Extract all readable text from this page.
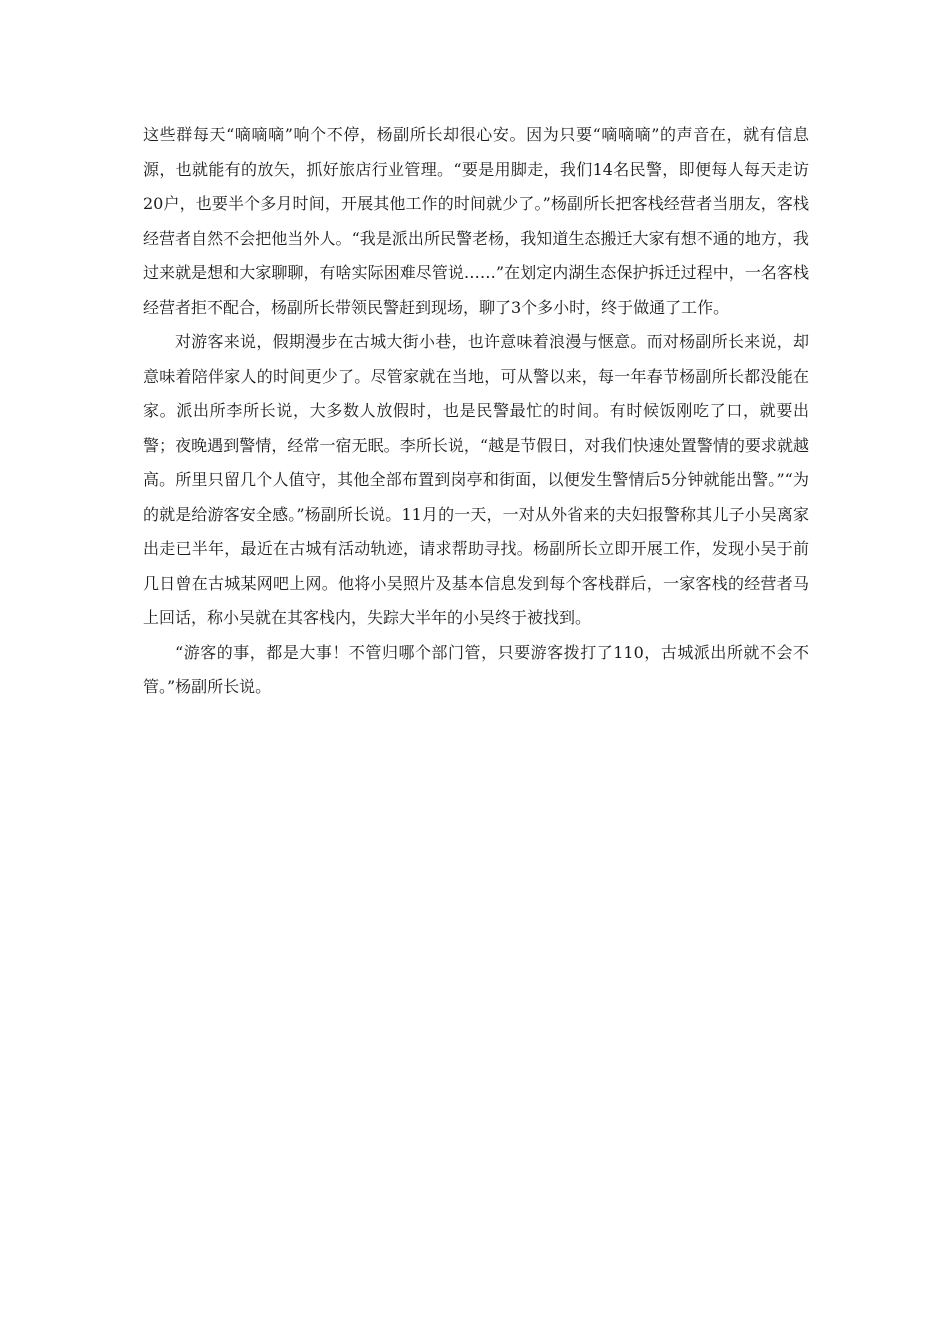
这些群每天“嘀嘀嘀”响个不停，杨副所长却很心安。因为只要“嘀嘀嘀”的声音在，就有信息源，也就能有的放矢，抓好旅店行业管理。“要是用脚走，我们14名民警，即便每人每天走访20户，也要半个多月时间，开展其他工作的时间就少了。”杨副所长把客栈经营者当朋友，客栈经营者自然不会把他当外人。“我是派出所民警老杨，我知道生态搬迁大家有想不通的地方，我过来就是想和大家聊聊，有啥实际困难尽管说……”在划定内湖生态保护拆迁过程中，一名客栈经营者拒不配合，杨副所长带领民警赶到现场，聊了3个多小时，终于做通了工作。

对游客来说，假期漫步在古城大街小巷，也许意味着浪漫与惬意。而对杨副所长来说，却意味着陪伴家人的时间更少了。尽管家就在当地，可从警以来，每一年春节杨副所长都没能在家。派出所李所长说，大多数人放假时，也是民警最忙的时间。有时候饭刚吃了口，就要出警；夜晚遇到警情，经常一宿无眠。李所长说，“越是节假日，对我们快速处置警情的要求就越高。所里只留几个人值守，其他全部布置到岗亭和街面，以便发生警情后5分钟就能出警。”“为的就是给游客安全感。”杨副所长说。11月的一天，一对从外省来的夫妇报警称其儿子小吴离家出走已半年，最近在古城有活动轨迹，请求帮助寻找。杨副所长立即开展工作，发现小吴于前几日曾在古城某网吧上网。他将小吴照片及基本信息发到每个客栈群后，一家客栈的经营者马上回话，称小吴就在其客栈内，失踪大半年的小吴终于被找到。

“游客的事，都是大事！不管归哪个部门管，只要游客拨打了110，古城派出所就不会不管。”杨副所长说。
